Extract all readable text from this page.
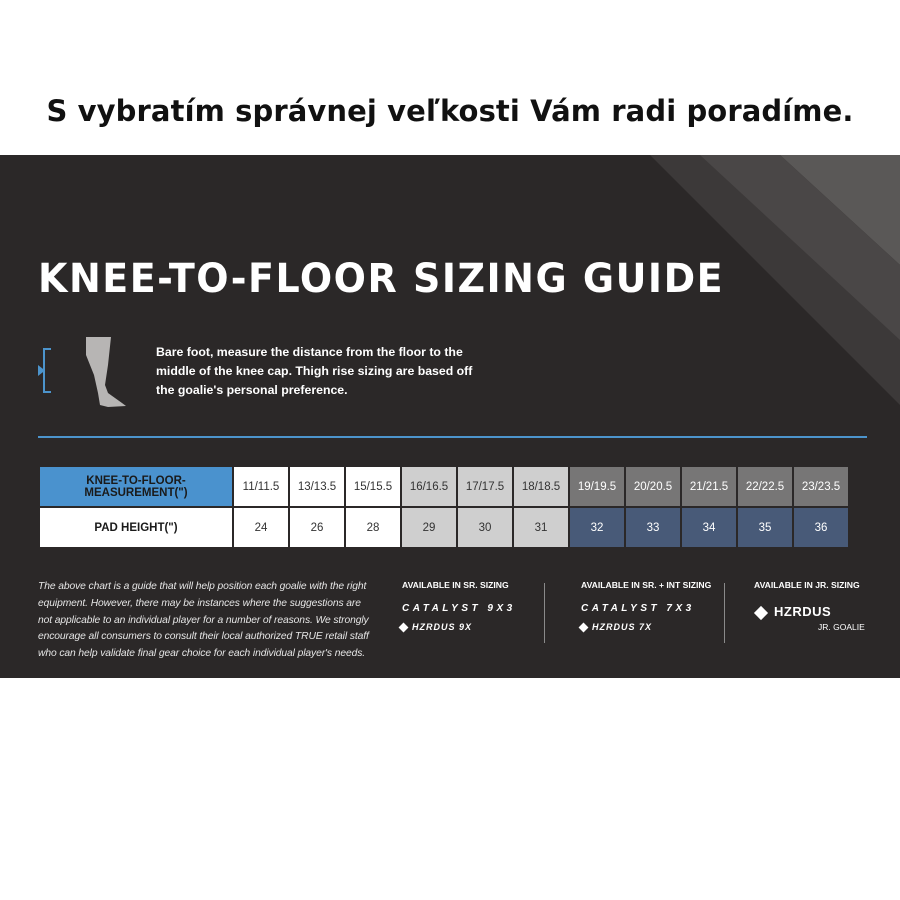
S vybratím správnej veľkosti Vám radi poradíme.
KNEE-TO-FLOOR SIZING GUIDE
Bare foot, measure the distance from the floor to the middle of the knee cap. Thigh rise sizing are based off the goalie's personal preference.
KNEE-TO-FLOOR-MEASUREMENT(")	11/11.5	13/13.5	15/15.5	16/16.5	17/17.5	18/18.5	19/19.5	20/20.5	21/21.5	22/22.5	23/23.5
PAD HEIGHT(")	24	26	28	29	30	31	32	33	34	35	36
The above chart is a guide that will help position each goalie with the right equipment. However, there may be instances where the suggestions are not applicable to an individual player for a number of reasons. We strongly encourage all consumers to consult their local authorized TRUE retail staff who can help validate final gear choice for each individual player's needs.
AVAILABLE IN SR. SIZING
CATALYST 9X3
HZRDUS 9X
AVAILABLE IN SR. + INT SIZING
CATALYST 7X3
HZRDUS 7X
AVAILABLE IN JR. SIZING
HZRDUS
JR. GOALIE
